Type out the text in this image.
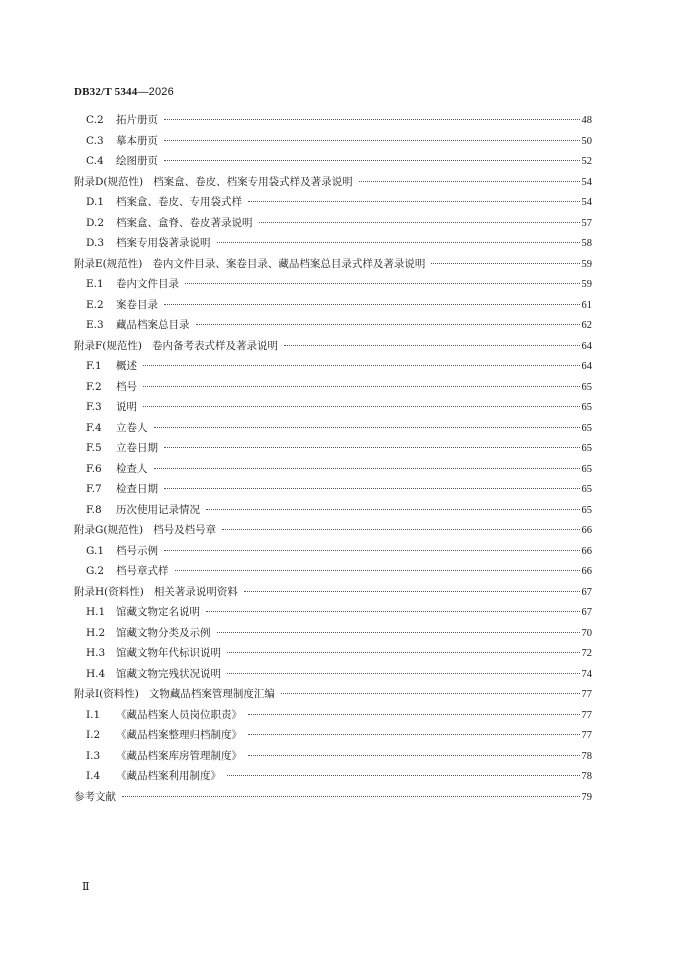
DB32/T 5344—2026
C.2 拓片册页	48
C.3 摹本册页	50
C.4 绘图册页	52
附录D(规范性) 档案盒、卷皮、档案专用袋式样及著录说明	54
D.1 档案盒、卷皮、专用袋式样	54
D.2 档案盒、盒脊、卷皮著录说明	57
D.3 档案专用袋著录说明	58
附录E(规范性) 卷内文件目录、案卷目录、藏品档案总目录式样及著录说明	59
E.1 卷内文件目录	59
E.2 案卷目录	61
E.3 藏品档案总目录	62
附录F(规范性) 卷内备考表式样及著录说明	64
F.1 概述	64
F.2 档号	65
F.3 说明	65
F.4 立卷人	65
F.5 立卷日期	65
F.6 检查人	65
F.7 检查日期	65
F.8 历次使用记录情况	65
附录G(规范性) 档号及档号章	66
G.1 档号示例	66
G.2 档号章式样	66
附录H(资料性) 相关著录说明资料	67
H.1 馆藏文物定名说明	67
H.2 馆藏文物分类及示例	70
H.3 馆藏文物年代标识说明	72
H.4 馆藏文物完残状况说明	74
附录I(资料性) 文物藏品档案管理制度汇编	77
I.1 《藏品档案人员岗位职责》	77
I.2 《藏品档案整理归档制度》	77
I.3 《藏品档案库房管理制度》	78
I.4 《藏品档案利用制度》	78
参考文献	79
Ⅱ
